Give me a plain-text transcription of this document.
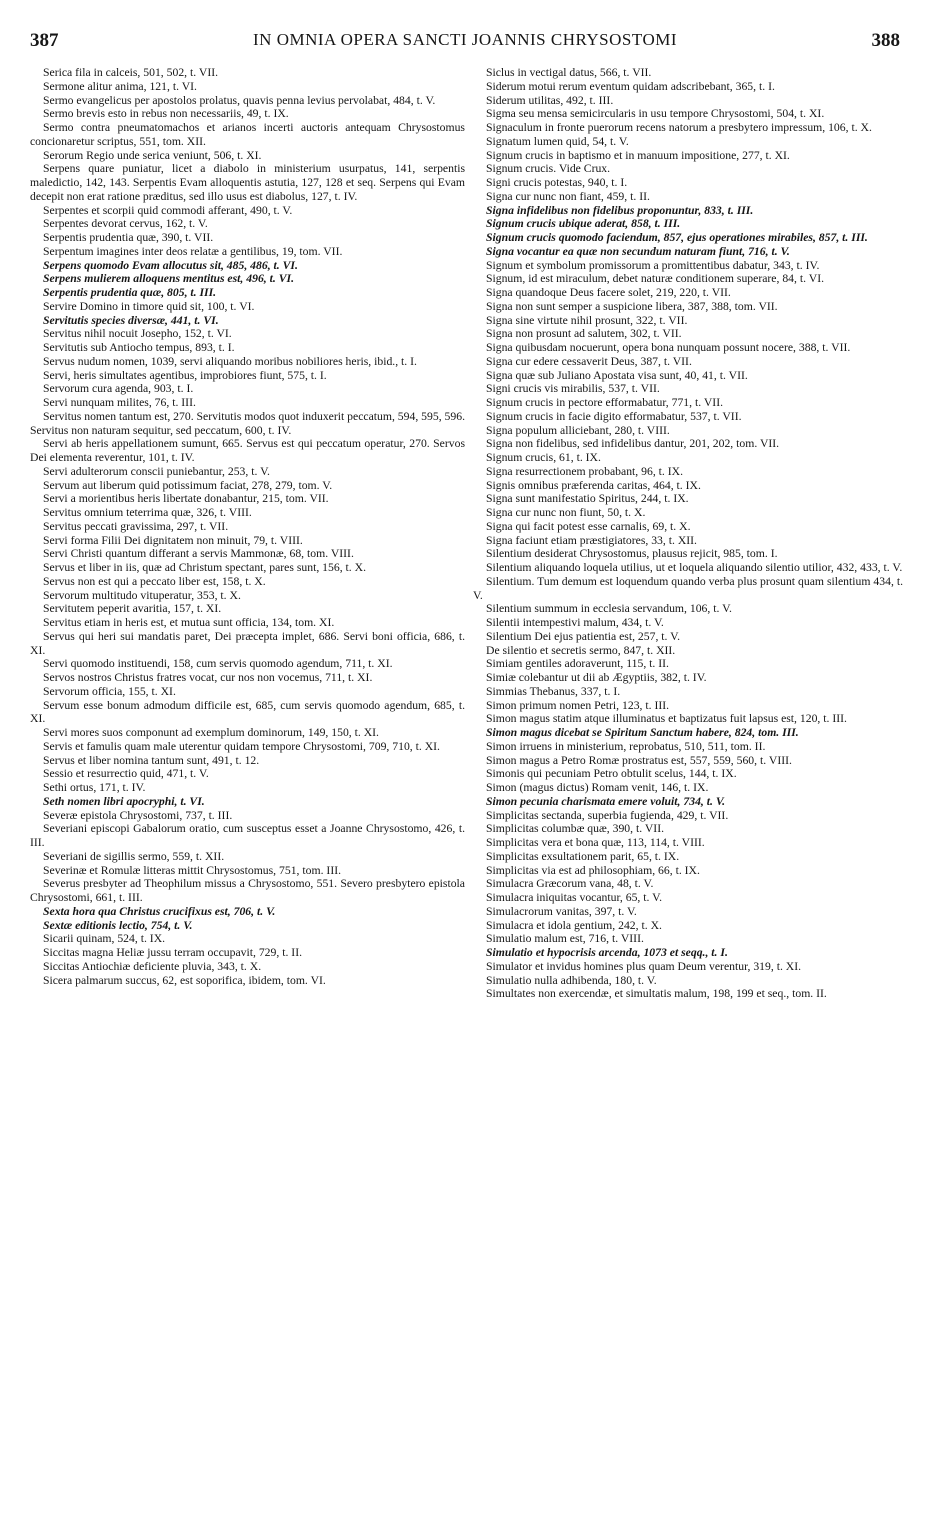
387	IN OMNIA OPERA SANCTI JOANNIS CHRYSOSTOMI	388

Serica fila in calceis, 501, 502, t. VII.

Sermone alitur anima, 121, t. VI.

Sermo evangelicus per apostolos prolatus, quavis penna levius pervolabat, 484, t. V.

Sermo brevis esto in rebus non necessariis, 49, t. IX.

Sermo contra pneumatomachos et arianos incerti auctoris antequam Chrysostomus concionaretur scriptus, 551, tom. XII.

Serorum Regio unde serica veniunt, 506, t. XI.

Serpens quare puniatur, licet a diabolo in ministerium usurpatus, 141, serpentis maledictio, 142, 143. Serpentis Evam alloquentis astutia, 127, 128 et seq. Serpens qui Evam decepit non erat ratione præditus, sed illo usus est diabolus, 127, t. IV.

Serpentes et scorpii quid commodi afferant, 490, t. V.

Serpentes devorat cervus, 162, t. V.

Serpentis prudentia quæ, 390, t. VII.

Serpentum imagines inter deos relatæ a gentilibus, 19, tom. VII.

Serpens quomodo Evam allocutus sit, 485, 486, t. VI.

Serpens mulierem alloquens mentitus est, 496, t. VI.

Serpentis prudentia quæ, 805, t. III.

Servire Domino in timore quid sit, 100, t. VI.

Servitutis species diversæ, 441, t. VI.

Servitus nihil nocuit Josepho, 152, t. VI.

Servitutis sub Antiocho tempus, 893, t. I.

Servus nudum nomen, 1039, servi aliquando moribus nobiliores heris, ibid., t. I.

Servi, heris simultates agentibus, improbiores fiunt, 575, t. I.

Servorum cura agenda, 903, t. I.

Servi nunquam milites, 76, t. III.

Servitus nomen tantum est, 270. Servitutis modos quot induxerit peccatum, 594, 595, 596. Servitus non naturam sequitur, sed peccatum, 600, t. IV.

Servi ab heris appellationem sumunt, 665. Servus est qui peccatum operatur, 270. Servos Dei elementa reverentur, 101, t. IV.

Servi adulterorum conscii puniebantur, 253, t. V.

Servum aut liberum quid potissimum faciat, 278, 279, tom. V.

Servi a morientibus heris libertate donabantur, 215, tom. VII.

Servitus omnium teterrima quæ, 326, t. VIII.

Servitus peccati gravissima, 297, t. VII.

Servi forma Filii Dei dignitatem non minuit, 79, t. VIII.

Servi Christi quantum differant a servis Mammonæ, 68, tom. VIII.

Servus et liber in iis, quæ ad Christum spectant, pares sunt, 156, t. X.

Servus non est qui a peccato liber est, 158, t. X.

Servorum multitudo vituperatur, 353, t. X.

Servitutem peperit avaritia, 157, t. XI.

Servitus etiam in heris est, et mutua sunt officia, 134, tom. XI.

Servus qui heri sui mandatis paret, Dei præcepta implet, 686. Servi boni officia, 686, t. XI.

Servi quomodo instituendi, 158, cum servis quomodo agendum, 711, t. XI.

Servos nostros Christus fratres vocat, cur nos non vocemus, 711, t. XI.

Servorum officia, 155, t. XI.

Servum esse bonum admodum difficile est, 685, cum servis quomodo agendum, 685, t. XI.

Servi mores suos componunt ad exemplum dominorum, 149, 150, t. XI.

Servis et famulis quam male uterentur quidam tempore Chrysostomi, 709, 710, t. XI.

Servus et liber nomina tantum sunt, 491, t. 12.

Sessio et resurrectio quid, 471, t. V.

Sethi ortus, 171, t. IV.

Seth nomen libri apocryphi, t. VI.

Severæ epistola Chrysostomi, 737, t. III.

Severiani episcopi Gabalorum oratio, cum susceptus esset a Joanne Chrysostomo, 426, t. III.

Severiani de sigillis sermo, 559, t. XII.

Severinæ et Romulæ litteras mittit Chrysostomus, 751, tom. III.

Severus presbyter ad Theophilum missus a Chrysostomo, 551. Severo presbytero epistola Chrysostomi, 661, t. III.

Sexta hora qua Christus crucifixus est, 706, t. V.

Sextæ editionis lectio, 754, t. V.

Sicarii quinam, 524, t. IX.

Siccitas magna Heliæ jussu terram occupavit, 729, t. II.

Siccitas Antiochiæ deficiente pluvia, 343, t. X.

Sicera palmarum succus, 62, est soporifica, ibidem, tom. VI.

Siclus in vectigal datus, 566, t. VII.

Siderum motui rerum eventum quidam adscribebant, 365, t. I.

Siderum utilitas, 492, t. III.

Sigma seu mensa semicircularis in usu tempore Chrysostomi, 504, t. XI.

Signaculum in fronte puerorum recens natorum a presbytero impressum, 106, t. X.

Signatum lumen quid, 54, t. V.

Signum crucis in baptismo et in manuum impositione, 277, t. XI.

Signum crucis. Vide Crux.

Signi crucis potestas, 940, t. I.

Signa cur nunc non fiant, 459, t. II.

Signa infidelibus non fidelibus proponuntur, 833, t. III.

Signum crucis ubique aderat, 858, t. III.

Signum crucis quomodo faciendum, 857, ejus operationes mirabiles, 857, t. III.

Signa vocantur ea quæ non secundum naturam fiunt, 716, t. V.

Signum et symbolum promissorum a promittentibus dabatur, 343, t. IV.

Signum, id est miraculum, debet naturæ conditionem superare, 84, t. VI.

Signa quandoque Deus facere solet, 219, 220, t. VII.

Signa non sunt semper a suspicione libera, 387, 388, tom. VII.

Signa sine virtute nihil prosunt, 322, t. VII.

Signa non prosunt ad salutem, 302, t. VII.

Signa quibusdam nocuerunt, opera bona nunquam possunt nocere, 388, t. VII.

Signa cur edere cessaverit Deus, 387, t. VII.

Signa quæ sub Juliano Apostata visa sunt, 40, 41, t. VII.

Signi crucis vis mirabilis, 537, t. VII.

Signum crucis in pectore efformabatur, 771, t. VII.

Signum crucis in facie digito efformabatur, 537, t. VII.

Signa populum alliciebant, 280, t. VIII.

Signa non fidelibus, sed infidelibus dantur, 201, 202, tom. VII.

Signum crucis, 61, t. IX.

Signa resurrectionem probabant, 96, t. IX.

Signis omnibus præferenda caritas, 464, t. IX.

Signa sunt manifestatio Spiritus, 244, t. IX.

Signa cur nunc non fiunt, 50, t. X.

Signa qui facit potest esse carnalis, 69, t. X.

Signa faciunt etiam præstigiatores, 33, t. XII.

Silentium desiderat Chrysostomus, plausus rejicit, 985, tom. I.

Silentium aliquando loquela utilius, ut et loquela aliquando silentio utilior, 432, 433, t. V.

Silentium. Tum demum est loquendum quando verba plus prosunt quam silentium 434, t. V.

Silentium summum in ecclesia servandum, 106, t. V.

Silentii intempestivi malum, 434, t. V.

Silentium Dei ejus patientia est, 257, t. V.

De silentio et secretis sermo, 847, t. XII.

Simiam gentiles adoraverunt, 115, t. II.

Simiæ colebantur ut dii ab Ægyptiis, 382, t. IV.

Simmias Thebanus, 337, t. I.

Simon primum nomen Petri, 123, t. III.

Simon magus statim atque illuminatus et baptizatus fuit lapsus est, 120, t. III.

Simon magus dicebat se Spiritum Sanctum habere, 824, tom. III.

Simon irruens in ministerium, reprobatus, 510, 511, tom. II.

Simon magus a Petro Romæ prostratus est, 557, 559, 560, t. VIII.

Simonis qui pecuniam Petro obtulit scelus, 144, t. IX.

Simon (magus dictus) Romam venit, 146, t. IX.

Simon pecunia charismata emere voluit, 734, t. V.

Simplicitas sectanda, superbia fugienda, 429, t. VII.

Simplicitas columbæ quæ, 390, t. VII.

Simplicitas vera et bona quæ, 113, 114, t. VIII.

Simplicitas exsultationem parit, 65, t. IX.

Simplicitas via est ad philosophiam, 66, t. IX.

Simulacra Græcorum vana, 48, t. V.

Simulacra iniquitas vocantur, 65, t. V.

Simulacrorum vanitas, 397, t. V.

Simulacra et idola gentium, 242, t. X.

Simulatio malum est, 716, t. VIII.

Simulatio et hypocrisis arcenda, 1073 et seqq., t. I.

Simulator et invidus homines plus quam Deum verentur, 319, t. XI.

Simulatio nulla adhibenda, 180, t. V.

Simultates non exercendæ, et simultatis malum, 198, 199 et seq., tom. II.
